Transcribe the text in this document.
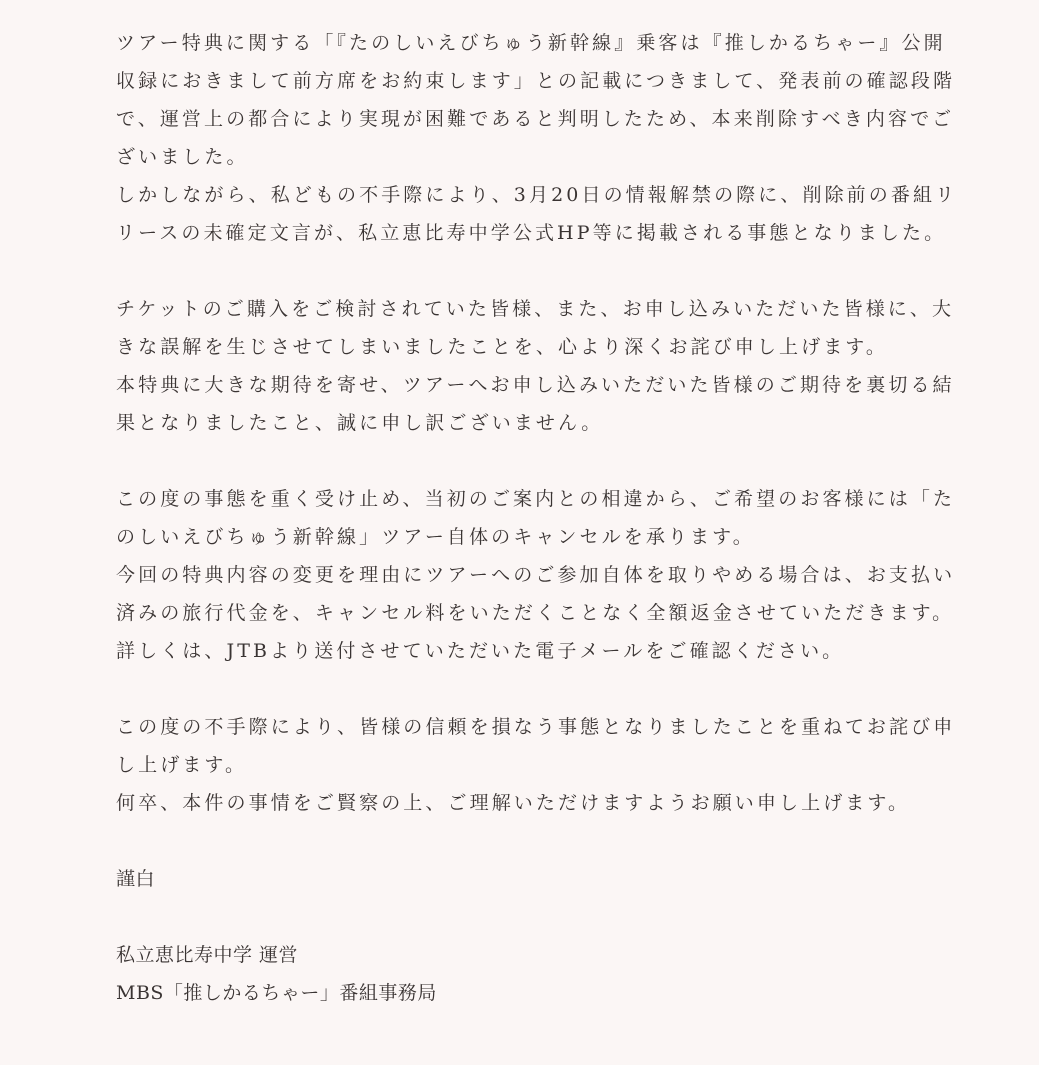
ツアー特典に関する「『たのしいえびちゅう新幹線』乗客は『推しかるちゃー』公開
収録におきまして前方席をお約束します」との記載につきまして、発表前の確認段階
で、運営上の都合により実現が困難であると判明したため、本来削除すべき内容でご
ざいました。
しかしながら、私どもの不手際により、3月20日の情報解禁の際に、削除前の番組リ
リースの未確定文言が、私立恵比寿中学公式HP等に掲載される事態となりました。
チケットのご購入をご検討されていた皆様、また、お申し込みいただいた皆様に、大
きな誤解を生じさせてしまいましたことを、心より深くお詫び申し上げます。
本特典に大きな期待を寄せ、ツアーへお申し込みいただいた皆様のご期待を裏切る結
果となりましたこと、誠に申し訳ございません。
この度の事態を重く受け止め、当初のご案内との相違から、ご希望のお客様には「た
のしいえびちゅう新幹線」ツアー自体のキャンセルを承ります。
今回の特典内容の変更を理由にツアーへのご参加自体を取りやめる場合は、お支払い
済みの旅行代金を、キャンセル料をいただくことなく全額返金させていただきます。
詳しくは、JTBより送付させていただいた電子メールをご確認ください。
この度の不手際により、皆様の信頼を損なう事態となりましたことを重ねてお詫び申
し上げます。
何卒、本件の事情をご賢察の上、ご理解いただけますようお願い申し上げます。
謹白
私立恵比寿中学 運営
MBS「推しかるちゃー」番組事務局
